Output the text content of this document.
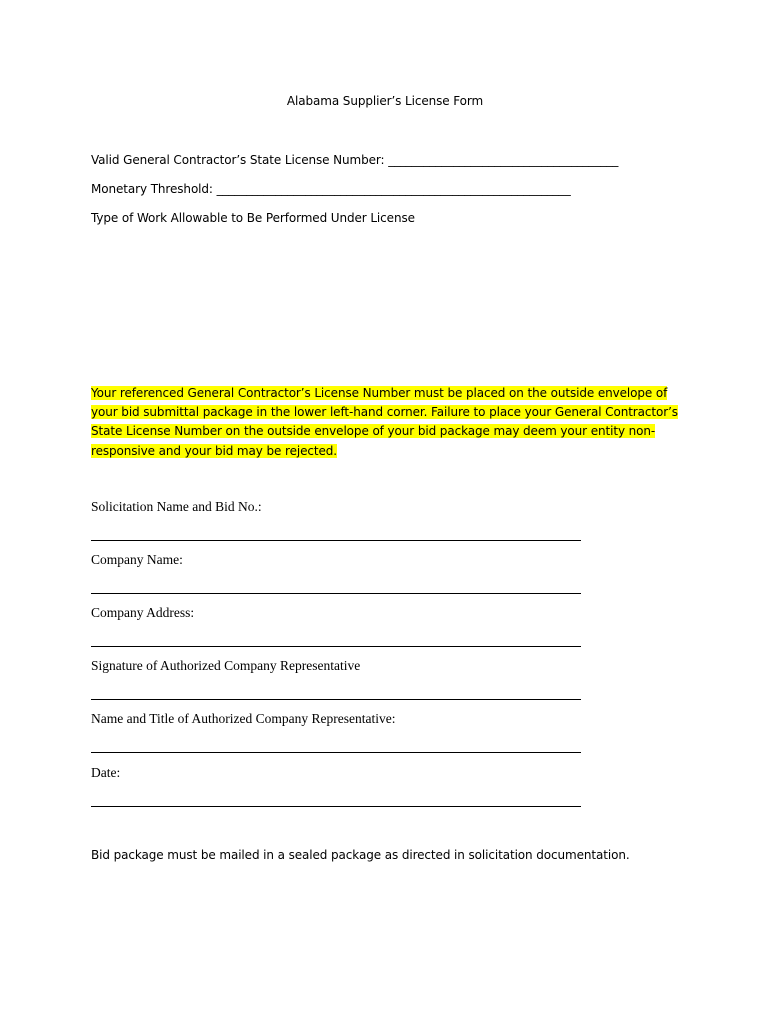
Alabama Supplier’s License Form
Valid General Contractor’s State License Number: _______________________________________
Monetary Threshold: ____________________________________________________________
Type of Work Allowable to Be Performed Under License
Your referenced General Contractor’s License Number must be placed on the outside envelope of your bid submittal package in the lower left-hand corner. Failure to place your General Contractor’s State License Number on the outside envelope of your bid package may deem your entity non-responsive and your bid may be rejected.
Solicitation Name and Bid No.:
Company Name:
Company Address:
Signature of Authorized Company Representative
Name and Title of Authorized Company Representative:
Date:
Bid package must be mailed in a sealed package as directed in solicitation documentation.
